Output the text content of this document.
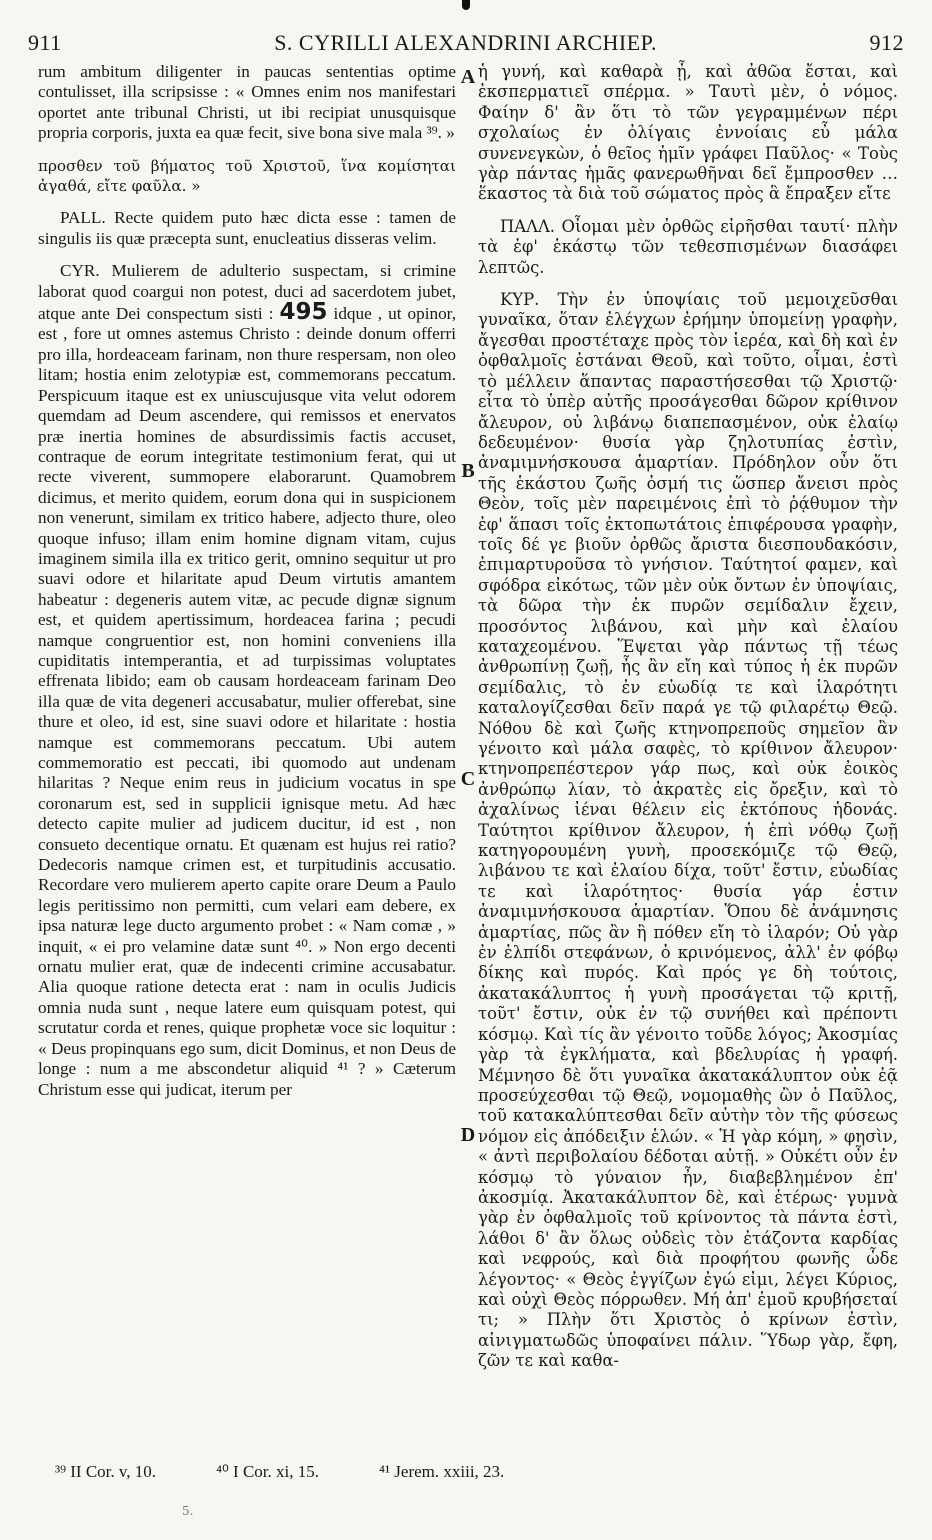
911	S. CYRILLI ALEXANDRINI ARCHIEP.	912

rum ambitum diligenter in paucas sententias optime contulisset, illa scripsisse : « Omnes enim nos manifestari oportet ante tribunal Christi, ut ibi recipiat unusquisque propria corporis, juxta ea quæ fecit, sive bona sive mala ³⁹. »

προσθεν τοῦ βήματος τοῦ Χριστοῦ, ἵνα κομίσηται ἀγαθά, εἴτε φαῦλα. »

PALL. Recte quidem puto hæc dicta esse : tamen de singulis iis quæ præcepta sunt, enucleatius disseras velim.

CYR. Mulierem de adulterio suspectam, si crimine laborat quod coargui non potest, duci ad sacerdotem jubet, atque ante Dei conspectum sisti : 495 idque , ut opinor, est , fore ut omnes astemus Christo : deinde donum offerri pro illa, hordeaceam farinam, non thure respersam, non oleo litam; hostia enim zelotypiæ est, commemorans peccatum. Perspicuum itaque est ex uniuscujusque vita velut odorem quemdam ad Deum ascendere, qui remissos et enervatos præ inertia homines de absurdissimis factis accuset, contraque de eorum integritate testimonium ferat, qui ut recte viverent, summopere elaborarunt. Quamobrem dicimus, et merito quidem, eorum dona qui in suspicionem non venerunt, similam ex tritico habere, adjecto thure, oleo quoque infuso; illam enim homine dignam vitam, cujus imaginem simila illa ex tritico gerit, omnino sequitur ut pro suavi odore et hilaritate apud Deum virtutis amantem habeatur : degeneris autem vitæ, ac pecude dignæ signum est, et quidem apertissimum, hordeacea farina ; pecudi namque congruentior est, non homini conveniens illa cupiditatis intemperantia, et ad turpissimas voluptates effrenata libido; eam ob causam hordeaceam farinam Deo illa quæ de vita degeneri accusabatur, mulier offerebat, sine thure et oleo, id est, sine suavi odore et hilaritate : hostia namque est commemorans peccatum. Ubi autem commemoratio est peccati, ibi quomodo aut undenam hilaritas ? Neque enim reus in judicium vocatus in spe coronarum est, sed in supplicii ignisque metu. Ad hæc detecto capite mulier ad judicem ducitur, id est , non consueto decentique ornatu. Et quænam est hujus rei ratio? Dedecoris namque crimen est, et turpitudinis accusatio. Recordare vero mulierem aperto capite orare Deum a Paulo legis peritissimo non permitti, cum velari eam debere, ex ipsa naturæ lege ducto argumento probet : « Nam comæ , » inquit, « ei pro velamine datæ sunt ⁴⁰. » Non ergo decenti ornatu mulier erat, quæ de indecenti crimine accusabatur. Alia quoque ratione detecta erat : nam in oculis Judicis omnia nuda sunt , neque latere eum quisquam potest, qui scrutatur corda et renes, quique prophetæ voce sic loquitur : « Deus propinquans ego sum, dicit Dominus, et non Deus de longe : num a me abscondetur aliquid ⁴¹ ? » Cæterum Christum esse qui judicat, iterum per

A
B
C
D

ἡ γυνή, καὶ καθαρὰ ᾖ, καὶ ἀθῶα ἔσται, καὶ ἐκσπερματιεῖ σπέρμα. » Ταυτὶ μὲν, ὁ νόμος. Φαίην δ' ἂν ὅτι τὸ τῶν γεγραμμένων πέρι σχολαίως ἐν ὀλίγαις ἐννοίαις εὖ μάλα συνενεγκὼν, ὁ θεῖος ἡμῖν γράφει Παῦλος· « Τοὺς γὰρ πάντας ἡμᾶς φανερωθῆναι δεῖ ἔμπροσθεν … ἕκαστος τὰ διὰ τοῦ σώματος πρὸς ἃ ἔπραξεν εἴτε

ΠΑΛΛ. Οἶομαι μὲν ὀρθῶς εἰρῆσθαι ταυτί· πλὴν τὰ ἐφ' ἑκάστῳ τῶν τεθεσπισμένων διασάφει λεπτῶς.

ΚΥΡ. Τὴν ἐν ὑποψίαις τοῦ μεμοιχεῦσθαι γυναῖκα, ὅταν ἐλέγχων ἐρήμην ὑπομείνῃ γραφὴν, ἄγεσθαι προστέταχε πρὸς τὸν ἱερέα, καὶ δὴ καὶ ἐν ὀφθαλμοῖς ἑστάναι Θεοῦ, καὶ τοῦτο, οἶμαι, ἐστὶ τὸ μέλλειν ἅπαντας παραστήσεσθαι τῷ Χριστῷ· εἶτα τὸ ὑπὲρ αὐτῆς προσάγεσθαι δῶρον κρίθινον ἄλευρον, οὐ λιβάνῳ διαπεπασμένον, οὐκ ἐλαίῳ δεδευμένον· θυσία γὰρ ζηλοτυπίας ἐστὶν, ἀναμιμνήσκουσα ἁμαρτίαν. Πρόδηλον οὖν ὅτι τῆς ἑκάστου ζωῆς ὀσμή τις ὥσπερ ἄνεισι πρὸς Θεὸν, τοῖς μὲν παρειμένοις ἐπὶ τὸ ῥᾴθυμον τὴν ἐφ' ἅπασι τοῖς ἐκτοπωτάτοις ἐπιφέρουσα γραφὴν, τοῖς δέ γε βιοῦν ὀρθῶς ἄριστα διεσπουδακόσιν, ἐπιμαρτυροῦσα τὸ γνήσιον. Ταύτητοί φαμεν, καὶ σφόδρα εἰκότως, τῶν μὲν οὐκ ὄντων ἐν ὑποψίαις, τὰ δῶρα τὴν ἐκ πυρῶν σεμίδαλιν ἔχειν, προσόντος λιβάνου, καὶ μὴν καὶ ἐλαίου καταχεομένου. Ἕψεται γὰρ πάντως τῇ τέως ἀνθρωπίνῃ ζωῇ, ἧς ἂν εἴη καὶ τύπος ἡ ἐκ πυρῶν σεμίδαλις, τὸ ἐν εὐωδίᾳ τε καὶ ἱλαρότητι καταλογίζεσθαι δεῖν παρά γε τῷ φιλαρέτῳ Θεῷ. Νόθου δὲ καὶ ζωῆς κτηνοπρεποῦς σημεῖον ἂν γένοιτο καὶ μάλα σαφὲς, τὸ κρίθινον ἄλευρον· κτηνοπρεπέστερον γάρ πως, καὶ οὐκ ἐοικὸς ἀνθρώπῳ λίαν, τὸ ἀκρατὲς εἰς ὄρεξιν, καὶ τὸ ἀχαλίνως ἰέναι θέλειν εἰς ἐκτόπους ἡδονάς. Ταύτητοι κρίθινον ἄλευρον, ἡ ἐπὶ νόθῳ ζωῇ κατηγορουμένη γυνὴ, προσεκόμιζε τῷ Θεῷ, λιβάνου τε καὶ ἐλαίου δίχα, τοῦτ' ἔστιν, εὐωδίας τε καὶ ἱλαρότητος· θυσία γάρ ἐστιν ἀναμιμνήσκουσα ἁμαρτίαν. Ὅπου δὲ ἀνάμνησις ἁμαρτίας, πῶς ἂν ἢ πόθεν εἴη τὸ ἱλαρόν; Οὐ γὰρ ἐν ἐλπίδι στεφάνων, ὁ κρινόμενος, ἀλλ' ἐν φόβῳ δίκης καὶ πυρός. Καὶ πρός γε δὴ τούτοις, ἀκατακάλυπτος ἡ γυνὴ προσάγεται τῷ κριτῇ, τοῦτ' ἔστιν, οὐκ ἐν τῷ συνήθει καὶ πρέποντι κόσμῳ. Καὶ τίς ἂν γένοιτο τοῦδε λόγος; Ἀκοσμίας γὰρ τὰ ἐγκλήματα, καὶ βδελυρίας ἡ γραφή. Μέμνησο δὲ ὅτι γυναῖκα ἀκατακάλυπτον οὐκ ἐᾷ προσεύχεσθαι τῷ Θεῷ, νομομαθὴς ὢν ὁ Παῦλος, τοῦ κατακαλύπτεσθαι δεῖν αὐτὴν τὸν τῆς φύσεως νόμον εἰς ἀπόδειξιν ἑλών. « Ἡ γὰρ κόμη, » φησὶν, « ἀντὶ περιβολαίου δέδοται αὐτῇ. » Οὐκέτι οὖν ἐν κόσμῳ τὸ γύναιον ἦν, διαβεβλημένον ἐπ' ἀκοσμίᾳ. Ἀκατακάλυπτον δὲ, καὶ ἑτέρως· γυμνὰ γὰρ ἐν ὀφθαλμοῖς τοῦ κρίνοντος τὰ πάντα ἐστὶ, λάθοι δ' ἂν ὅλως οὐδεὶς τὸν ἐτάζοντα καρδίας καὶ νεφρούς, καὶ διὰ προφήτου φωνῆς ὧδε λέγοντος· « Θεὸς ἐγγίζων ἐγώ εἰμι, λέγει Κύριος, καὶ οὐχὶ Θεὸς πόρρωθεν. Μή ἀπ' ἐμοῦ κρυβήσεταί τι; » Πλὴν ὅτι Χριστὸς ὁ κρίνων ἐστὶν, αἰνιγματωδῶς ὑποφαίνει πάλιν. Ὕδωρ γὰρ, ἔφη, ζῶν τε καὶ καθα-

³⁹ II Cor. v, 10.	⁴⁰ I Cor. xi, 15.	⁴¹ Jerem. xxiii, 23.
5.
